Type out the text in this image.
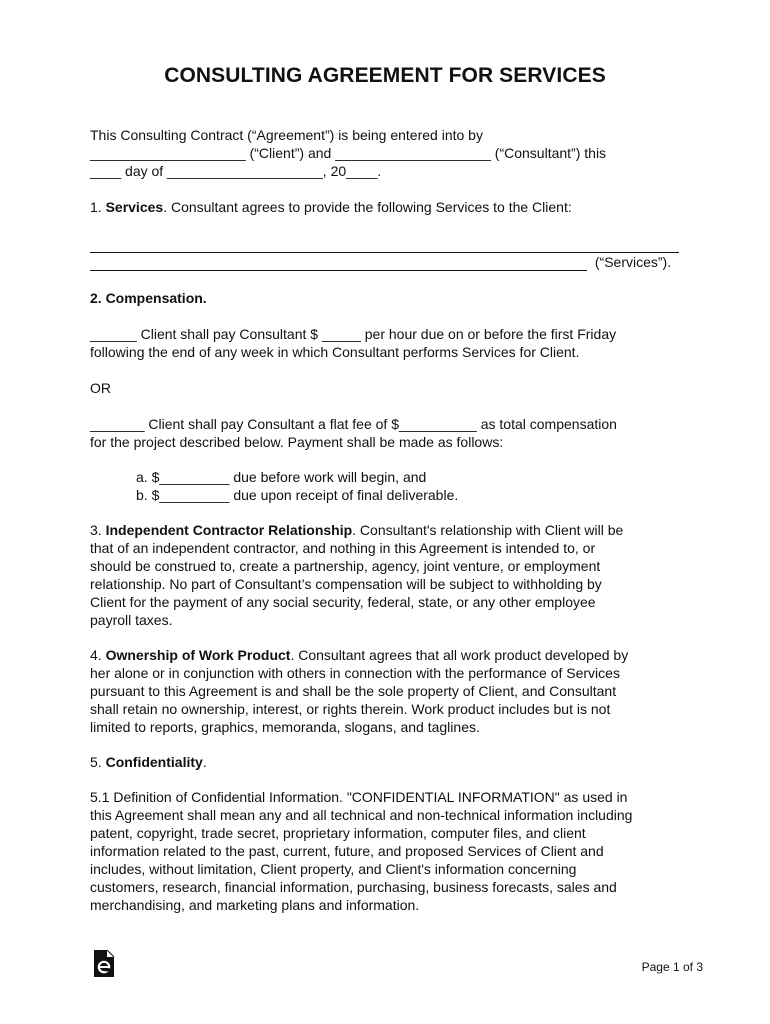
CONSULTING AGREEMENT FOR SERVICES

This Consulting Contract (“Agreement”) is being entered into by
____________________ (“Client”) and ____________________ (“Consultant”) this
____ day of ____________________, 20____.

1. Services. Consultant agrees to provide the following Services to the Client:
(“Services”).

2. Compensation.

______ Client shall pay Consultant $ _____ per hour due on or before the first Friday
following the end of any week in which Consultant performs Services for Client.

OR

_______ Client shall pay Consultant a flat fee of $__________ as total compensation
for the project described below. Payment shall be made as follows:

a. $_________ due before work will begin, and
b. $_________ due upon receipt of final deliverable.

3. Independent Contractor Relationship. Consultant's relationship with Client will be
that of an independent contractor, and nothing in this Agreement is intended to, or
should be construed to, create a partnership, agency, joint venture, or employment
relationship. No part of Consultant’s compensation will be subject to withholding by
Client for the payment of any social security, federal, state, or any other employee
payroll taxes.

4. Ownership of Work Product. Consultant agrees that all work product developed by
her alone or in conjunction with others in connection with the performance of Services
pursuant to this Agreement is and shall be the sole property of Client, and Consultant
shall retain no ownership, interest, or rights therein. Work product includes but is not
limited to reports, graphics, memoranda, slogans, and taglines.

5. Confidentiality.

5.1 Definition of Confidential Information. "CONFIDENTIAL INFORMATION" as used in
this Agreement shall mean any and all technical and non-technical information including
patent, copyright, trade secret, proprietary information, computer files, and client
information related to the past, current, future, and proposed Services of Client and
includes, without limitation, Client property, and Client's information concerning
customers, research, financial information, purchasing, business forecasts, sales and
merchandising, and marketing plans and information.

Page 1 of 3
